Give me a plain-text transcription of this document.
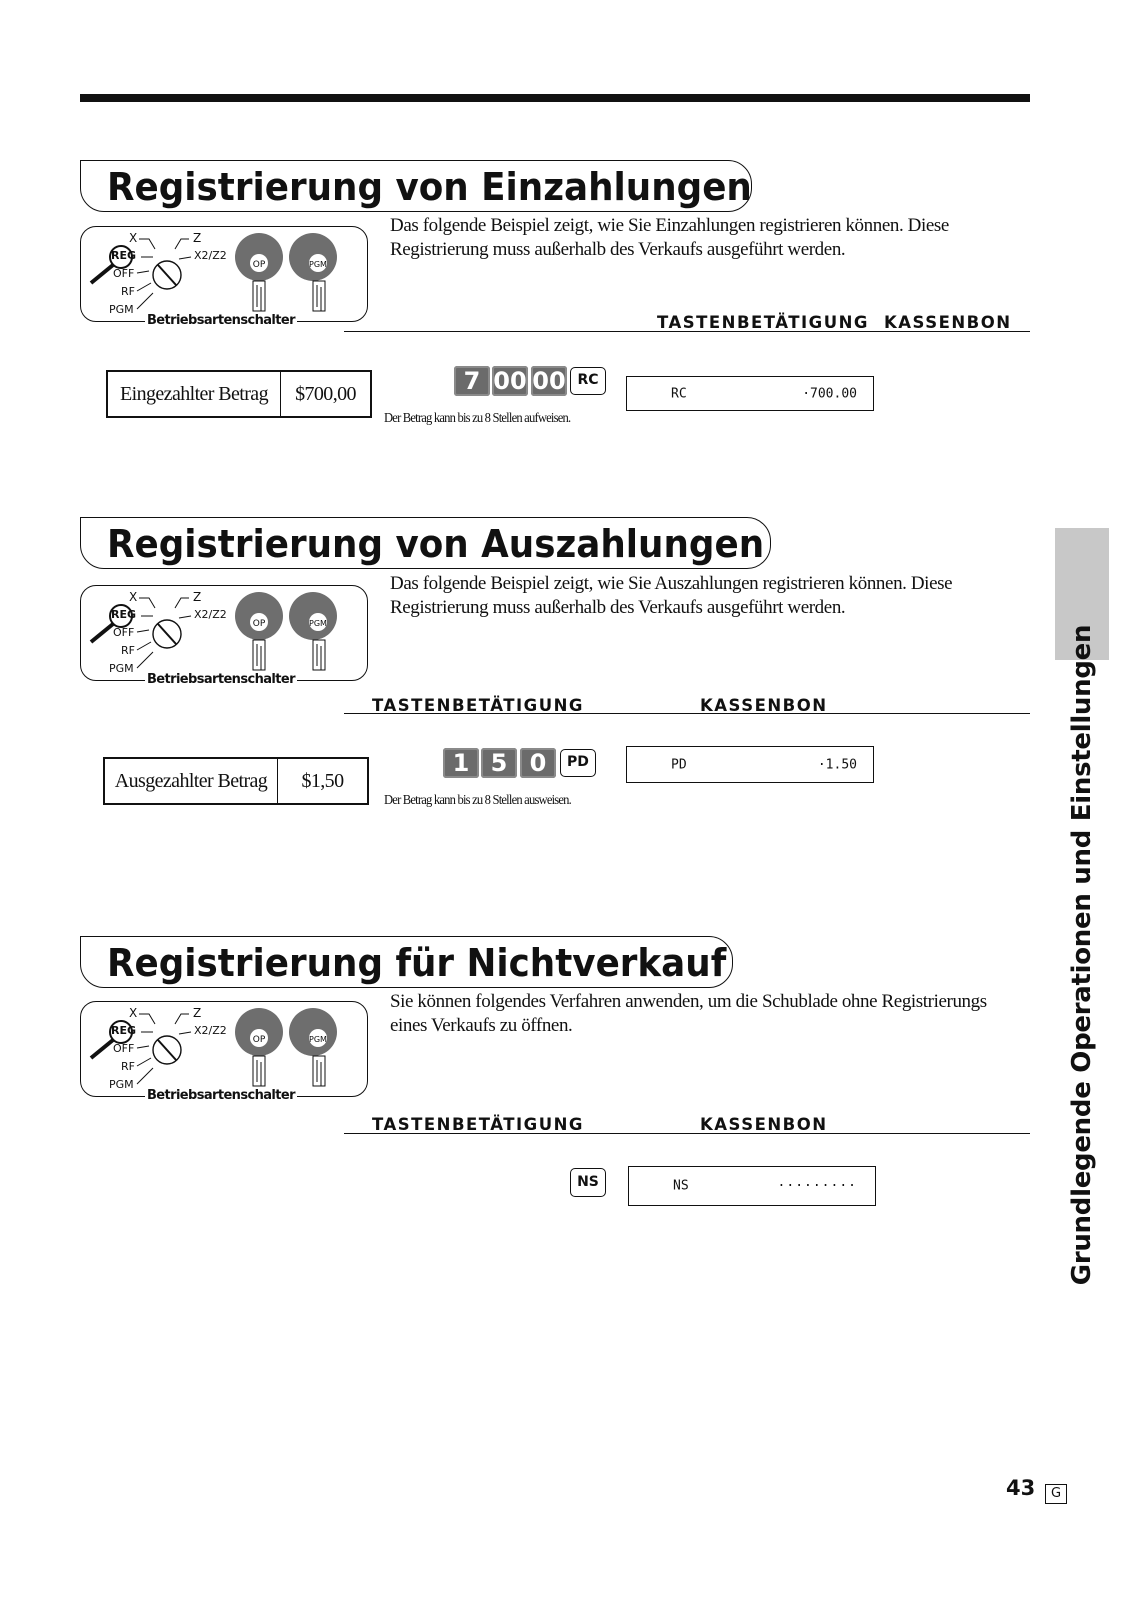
Registrierung von Einzahlungen
X	Z
REG	X2/Z2
OFF
RF
PGM
OP	PGM
Betriebsartenschalter
Das folgende Beispiel zeigt, wie Sie Einzahlungen registrieren können. Diese Registrierung muss außerhalb des Verkaufs ausgeführt werden.
TASTENBETÄTIGUNG KASSENBON
Eingezahlter Betrag	$700,00	7 00 00 RC
Der Betrag kann bis zu 8 Stellen aufweisen.
RC	·700.00
Registrierung von Auszahlungen
X	Z
REG	X2/Z2
OFF
RF
PGM
OP	PGM
Betriebsartenschalter
Das folgende Beispiel zeigt, wie Sie Auszahlungen registrieren können. Diese Registrierung muss außerhalb des Verkaufs ausgeführt werden.
TASTENBETÄTIGUNG	KASSENBON
Ausgezahlter Betrag	$1,50
1 5 0	PD
Der Betrag kann bis zu 8 Stellen ausweisen.
PD	·1.50
Registrierung für Nichtverkauf
X	Z
REG	X2/Z2
OFF
RF
PGM
OP	PGM
Betriebsartenschalter
Sie können folgendes Verfahren anwenden, um die Schublade ohne Registrierungs eines Verkaufs zu öffnen.
TASTENBETÄTIGUNG	KASSENBON
NS	NS	·········	Grundlegende Operationen und Einstellungen
43	G
